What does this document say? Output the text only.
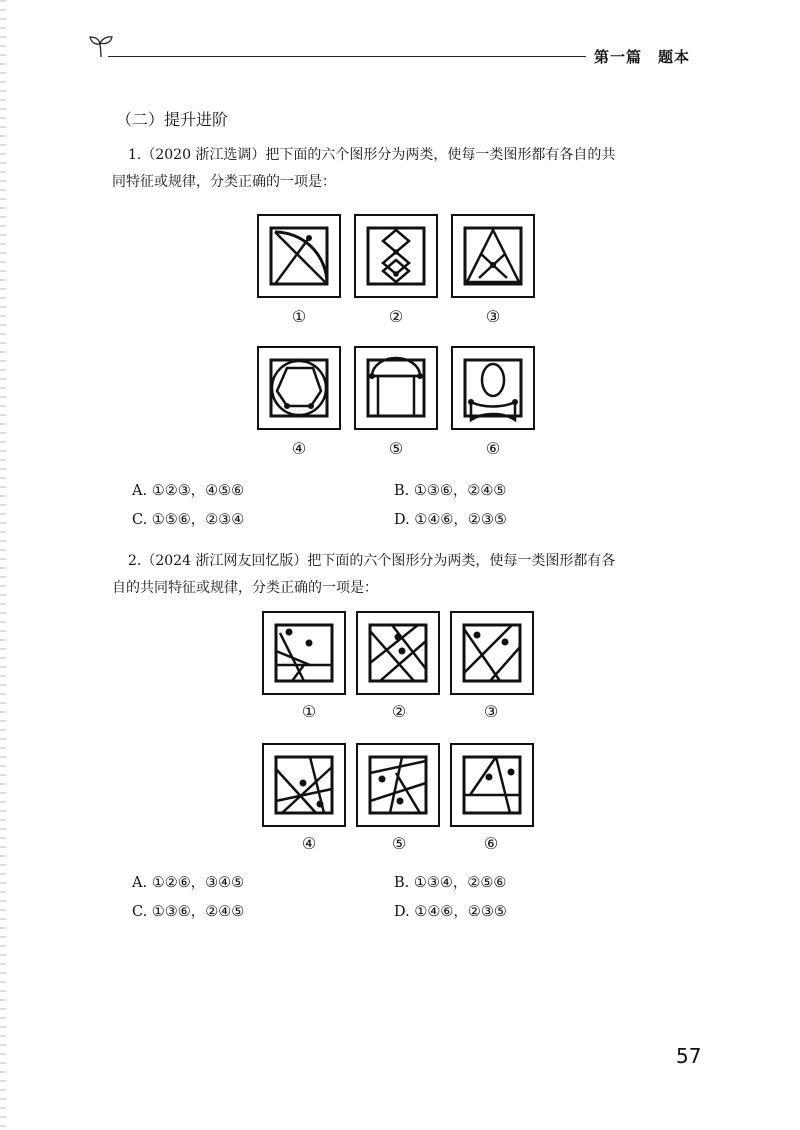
第一篇　题本
（二）提升进阶
1.（2020 浙江选调）把下面的六个图形分为两类，使每一类图形都有各自的共
同特征或规律，分类正确的一项是：
①	②	③
④	⑤	⑥
A. ①②③，④⑤⑥	B. ①③⑥，②④⑤
C. ①⑤⑥，②③④	D. ①④⑥，②③⑤
2.（2024 浙江网友回忆版）把下面的六个图形分为两类，使每一类图形都有各
自的共同特征或规律，分类正确的一项是：
①	②	③
④	⑤	⑥
A. ①②⑥，③④⑤	B. ①③④，②⑤⑥
C. ①③⑥，②④⑤	D. ①④⑥，②③⑤
57
